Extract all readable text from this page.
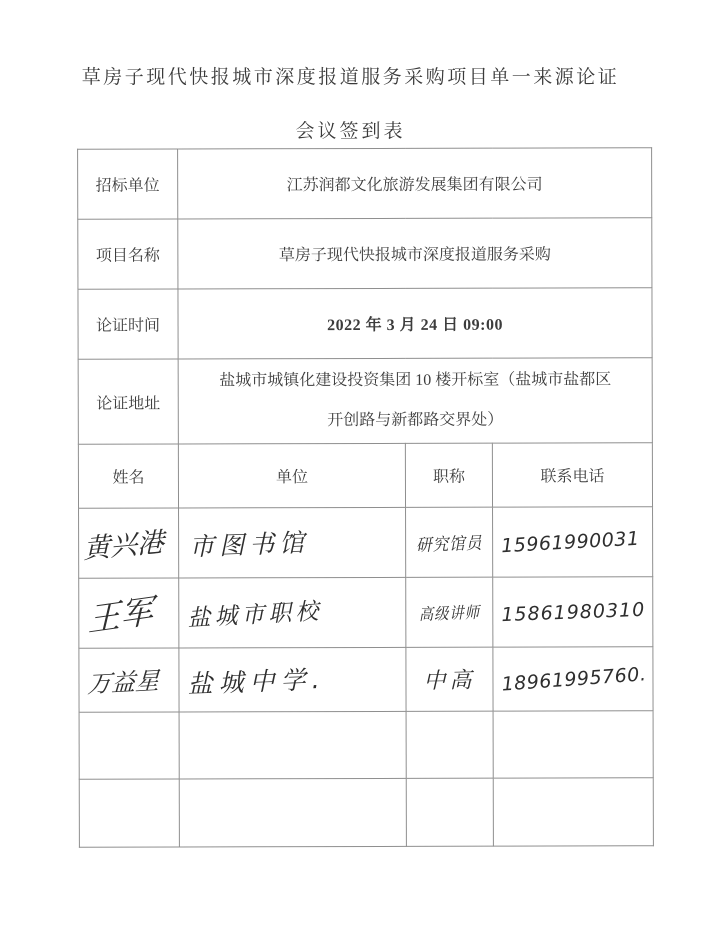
草房子现代快报城市深度报道服务采购项目单一来源论证
会议签到表
招标单位	江苏润都文化旅游发展集团有限公司		
项目名称	草房子现代快报城市深度报道服务采购		
论证时间	2022 年 3 月 24 日 09:00		
论证地址	盐城市城镇化建设投资集团 10 楼开标室（盐城市盐都区
开创路与新都路交界处）		

姓名	单位	职称	联系电话
黄兴港	市图书馆	研究馆员	15961990031
王军	盐城市职校	高级讲师	15861980310
万益星	盐城中学.	中高	18961995760.
